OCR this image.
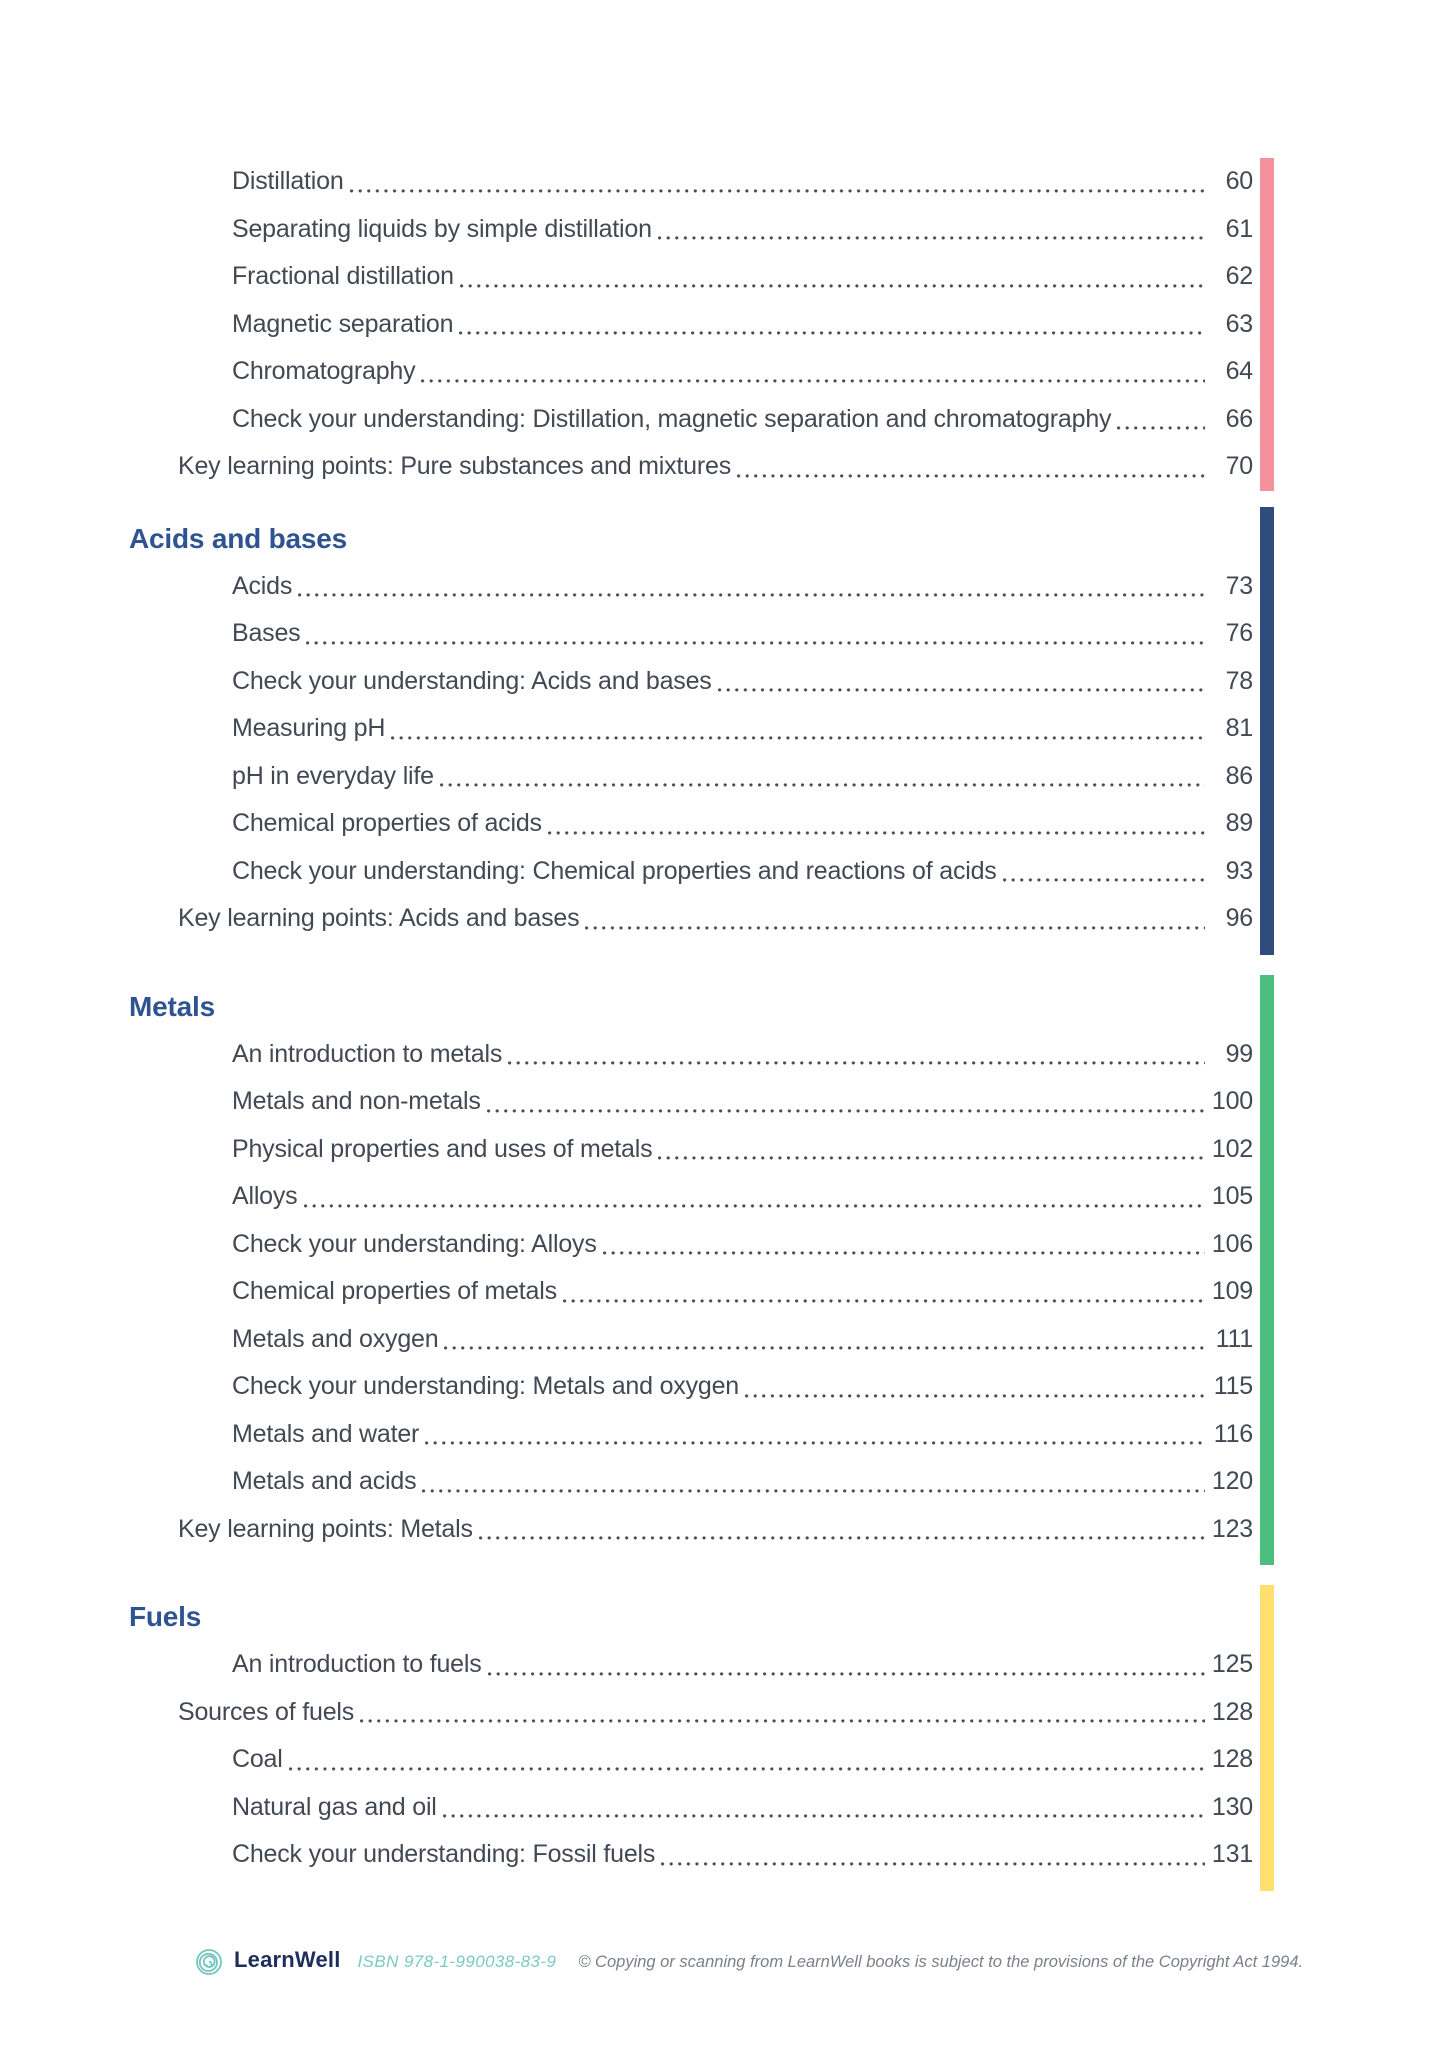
Distillation	60
Separating liquids by simple distillation	61
Fractional distillation	62
Magnetic separation	63
Chromatography	64
Check your understanding: Distillation, magnetic separation and chromatography	66
Key learning points: Pure substances and mixtures	70
Acids and bases
Acids	73
Bases	76
Check your understanding: Acids and bases	78
Measuring pH	81
pH in everyday life	86
Chemical properties of acids	89
Check your understanding: Chemical properties and reactions of acids	93
Key learning points: Acids and bases	96
Metals
An introduction to metals	99
Metals and non-metals	100
Physical properties and uses of metals	102
Alloys	105
Check your understanding: Alloys	106
Chemical properties of metals	109
Metals and oxygen	111
Check your understanding: Metals and oxygen	115
Metals and water	116
Metals and acids	120
Key learning points: Metals	123
Fuels
An introduction to fuels	125
Sources of fuels	128
Coal	128
Natural gas and oil	130
Check your understanding: Fossil fuels	131
LearnWell ISBN 978-1-990038-83-9 © Copying or scanning from LearnWell books is subject to the provisions of the Copyright Act 1994.
